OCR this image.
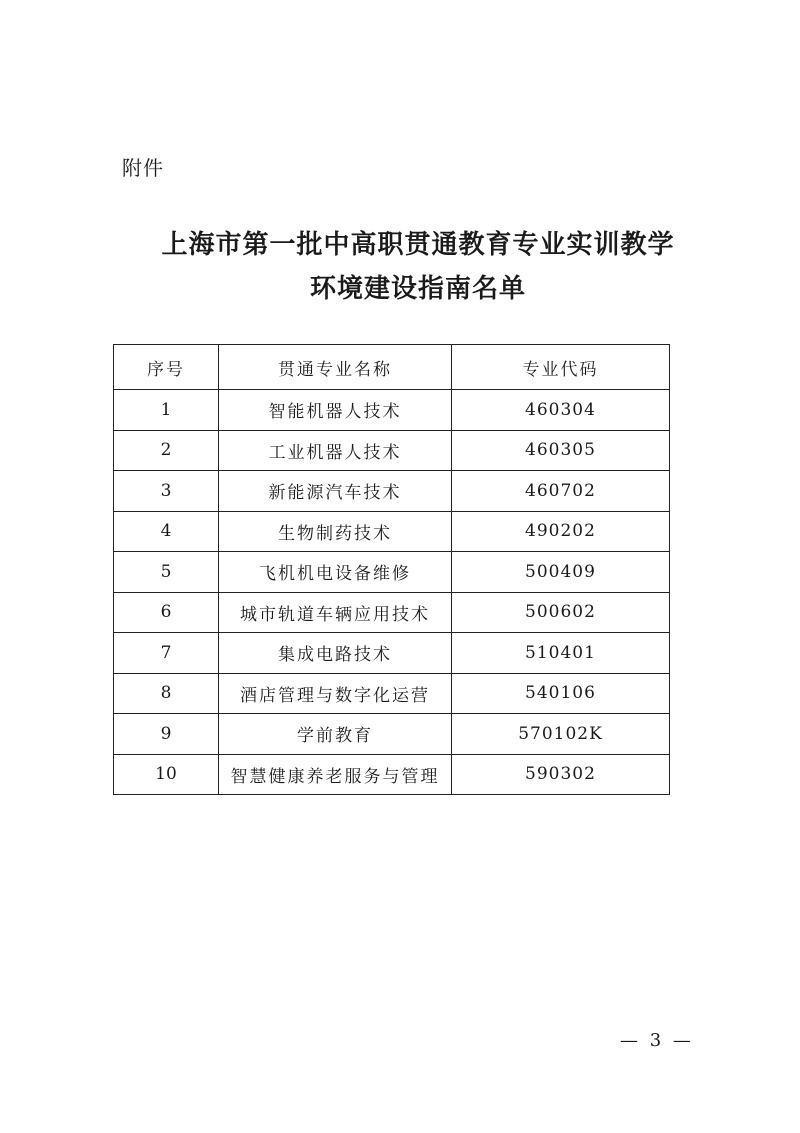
附件
上海市第一批中高职贯通教育专业实训教学
环境建设指南名单
序号	贯通专业名称	专业代码
1	智能机器人技术	460304
2	工业机器人技术	460305
3	新能源汽车技术	460702
4	生物制药技术	490202
5	飞机机电设备维修	500409
6	城市轨道车辆应用技术	500602
7	集成电路技术	510401
8	酒店管理与数字化运营	540106
9	学前教育	570102K
10	智慧健康养老服务与管理	590302
— 3 —
